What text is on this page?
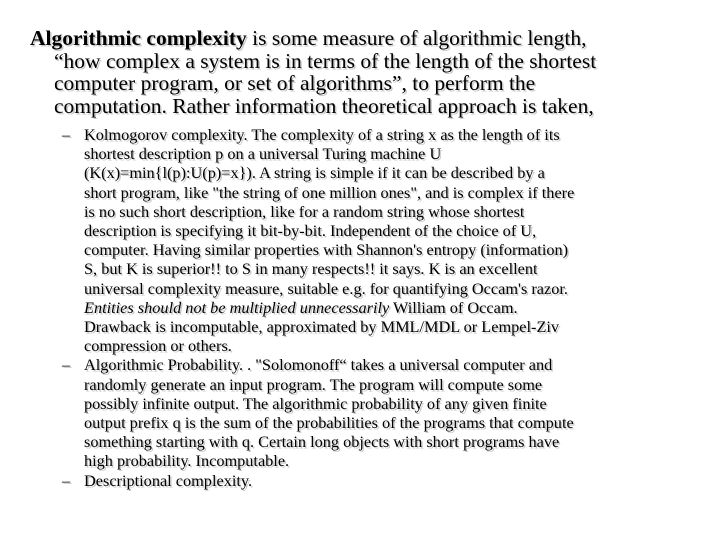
Algorithmic complexity is some measure of algorithmic length,
“how complex a system is in terms of the length of the shortest
computer program, or set of algorithms”, to perform the
computation. Rather information theoretical approach is taken,
– Kolmogorov complexity. The complexity of a string x as the length of its
shortest description p on a universal Turing machine U
(K(x)=min{l(p):U(p)=x}). A string is simple if it can be described by a
short program, like "the string of one million ones", and is complex if there
is no such short description, like for a random string whose shortest
description is specifying it bit-by-bit. Independent of the choice of U,
computer. Having similar properties with Shannon's entropy (information)
S, but K is superior!! to S in many respects!! it says. K is an excellent
universal complexity measure, suitable e.g. for quantifying Occam's razor.
Entities should not be multiplied unnecessarily William of Occam.
Drawback is incomputable, approximated by MML/MDL or Lempel-Ziv
compression or others.
– Algorithmic Probability. . "Solomonoff“ takes a universal computer and
randomly generate an input program. The program will compute some
possibly infinite output. The algorithmic probability of any given finite
output prefix q is the sum of the probabilities of the programs that compute
something starting with q. Certain long objects with short programs have
high probability. Incomputable.
– Descriptional complexity.
